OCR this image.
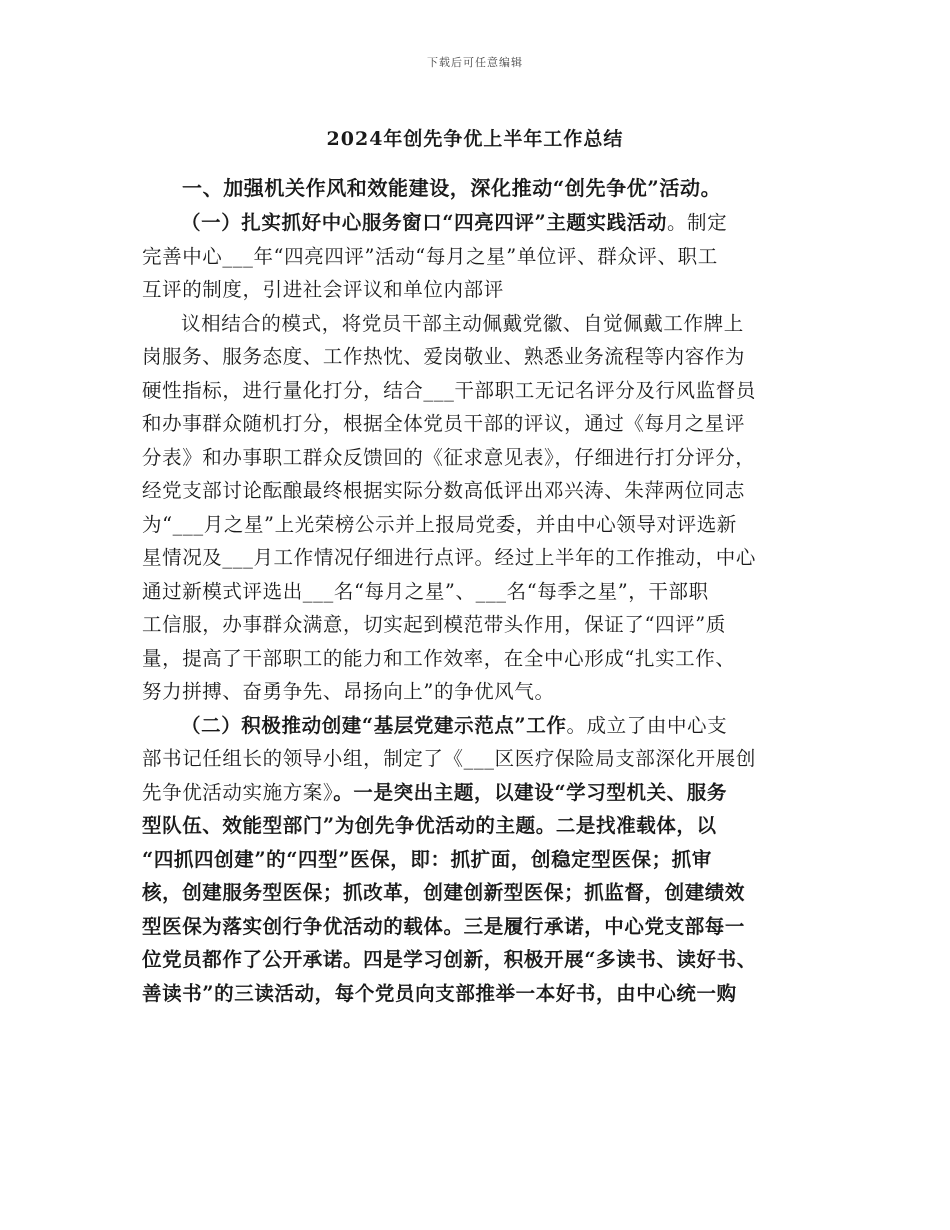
下载后可任意编辑
2024年创先争优上半年工作总结
一、加强机关作风和效能建设，深化推动“创先争优”活动。
（一）扎实抓好中心服务窗口“四亮四评”主题实践活动。制定
完善中心___年“四亮四评”活动“每月之星”单位评、群众评、职工
互评的制度，引进社会评议和单位内部评
议相结合的模式，将党员干部主动佩戴党徽、自觉佩戴工作牌上
岗服务、服务态度、工作热忱、爱岗敬业、熟悉业务流程等内容作为
硬性指标，进行量化打分，结合___干部职工无记名评分及行风监督员
和办事群众随机打分，根据全体党员干部的评议，通过《每月之星评
分表》和办事职工群众反馈回的《征求意见表》，仔细进行打分评分，
经党支部讨论酝酿最终根据实际分数高低评出邓兴涛、朱萍两位同志
为“___月之星”上光荣榜公示并上报局党委，并由中心领导对评选新
星情况及___月工作情况仔细进行点评。经过上半年的工作推动，中心
通过新模式评选出___名“每月之星”、___名“每季之星”，干部职
工信服，办事群众满意，切实起到模范带头作用，保证了“四评”质
量，提高了干部职工的能力和工作效率，在全中心形成“扎实工作、
努力拼搏、奋勇争先、昂扬向上”的争优风气。
（二）积极推动创建“基层党建示范点”工作。成立了由中心支
部书记任组长的领导小组，制定了《___区医疗保险局支部深化开展创
先争优活动实施方案》。一是突出主题，以建设“学习型机关、服务
型队伍、效能型部门”为创先争优活动的主题。二是找准载体，以
“四抓四创建”的“四型”医保，即：抓扩面，创稳定型医保；抓审
核，创建服务型医保；抓改革，创建创新型医保；抓监督，创建绩效
型医保为落实创行争优活动的载体。三是履行承诺，中心党支部每一
位党员都作了公开承诺。四是学习创新，积极开展“多读书、读好书、
善读书”的三读活动，每个党员向支部推举一本好书，由中心统一购
